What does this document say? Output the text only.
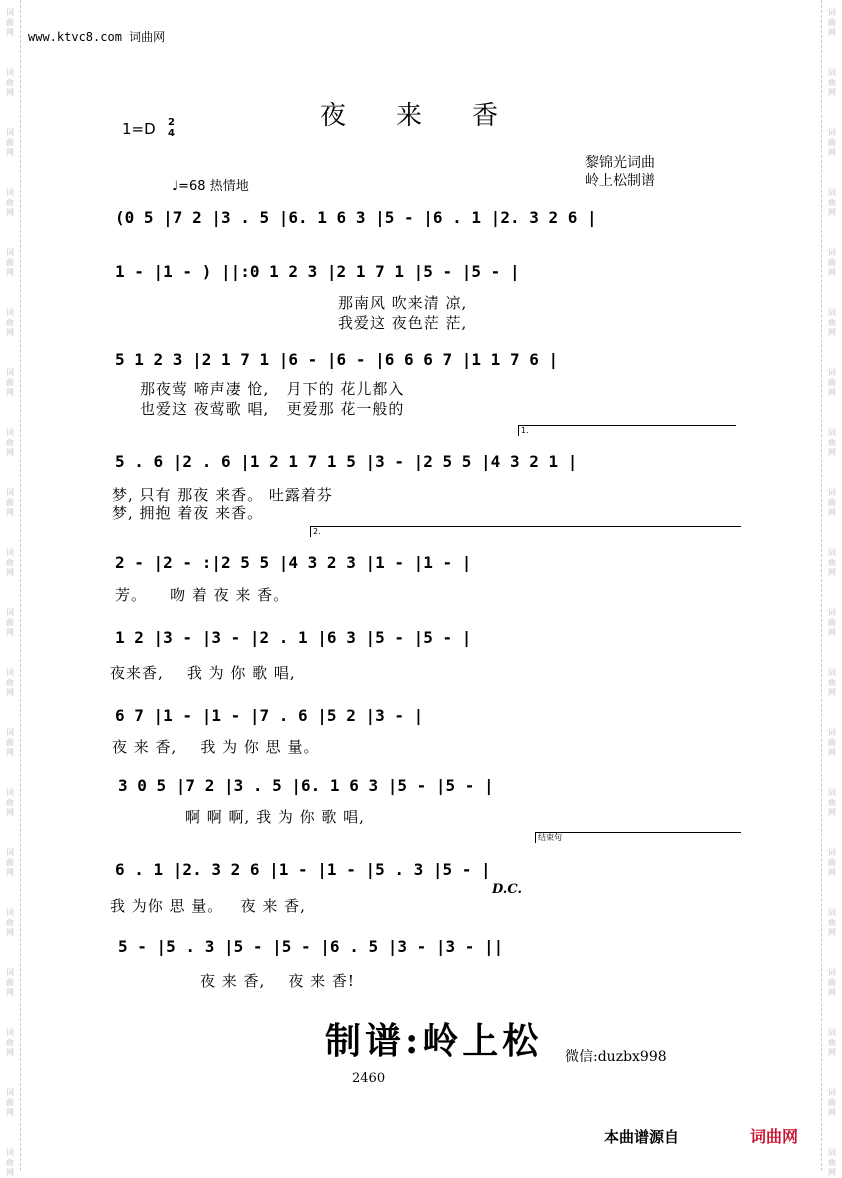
词
曲
网
词
曲
网
词
曲
网
词
曲
网
词
曲
网
词
曲
网
词
曲
网
词
曲
网
词
曲
网
词
曲
网
词
曲
网
词
曲
网
词
曲
网
词
曲
网
词
曲
网
词
曲
网
词
曲
网
词
曲
网
词
曲
网
词
曲
网
词
曲
网
词
曲
网
词
曲
网
词
曲
网
词
曲
网
词
曲
网
词
曲
网
词
曲
网
词
曲
网
词
曲
网
词
曲
网
词
曲
网
词
曲
网
词
曲
网
词
曲
网
词
曲
网
词
曲
网
词
曲
网
词
曲
网
词
曲
网
www.ktvc8.com 词曲网
夜来香
1=D 2
4
黎锦光词曲
岭上松制谱
♩=68 热情地
(0 5 |7 2 |3 . 5 |6. 1 6 3 |5 - |6 . 1 |2. 3 2 6 |
1 - |1 - ) ||:0 1 2 3 |2 1 7 1 |5 - |5 - |
那南风 吹来清 凉,
我爱这 夜色茫 茫,
5 1 2 3 |2 1 7 1 |6 - |6 - |6 6 6 7 |1 1 7 6 |
那夜莺 啼声凄 怆,   月下的 花儿都入
也爱这 夜莺歌 唱,   更爱那 花一般的
1.
5 . 6 |2 . 6 |1 2 1 7 1 5 |3 - |2 5 5 |4 3 2 1 |
梦, 只有 那夜 来香。 吐露着芬
梦, 拥抱 着夜 来香。
2.
2 - |2 - :|2 5 5 |4 3 2 3 |1 - |1 - |
芳。    吻 着 夜 来 香。
1 2 |3 - |3 - |2 . 1 |6 3 |5 - |5 - |
夜来香,    我 为 你 歌 唱,
6 7 |1 - |1 - |7 . 6 |5 2 |3 - |
夜 来 香,    我 为 你 思 量。
3 0 5 |7 2 |3 . 5 |6. 1 6 3 |5 - |5 - |
啊 啊 啊, 我 为 你 歌 唱,
结束句
6 . 1 |2. 3 2 6 |1 - |1 - |5 . 3 |5 - |
D.C.
我 为你 思 量。   夜 来 香,
5 - |5 . 3 |5 - |5 - |6 . 5 |3 - |3 - ||
夜 来 香,    夜 来 香!
制谱:岭上松 微信:duzbx998
2460
本曲谱源自	词曲网
